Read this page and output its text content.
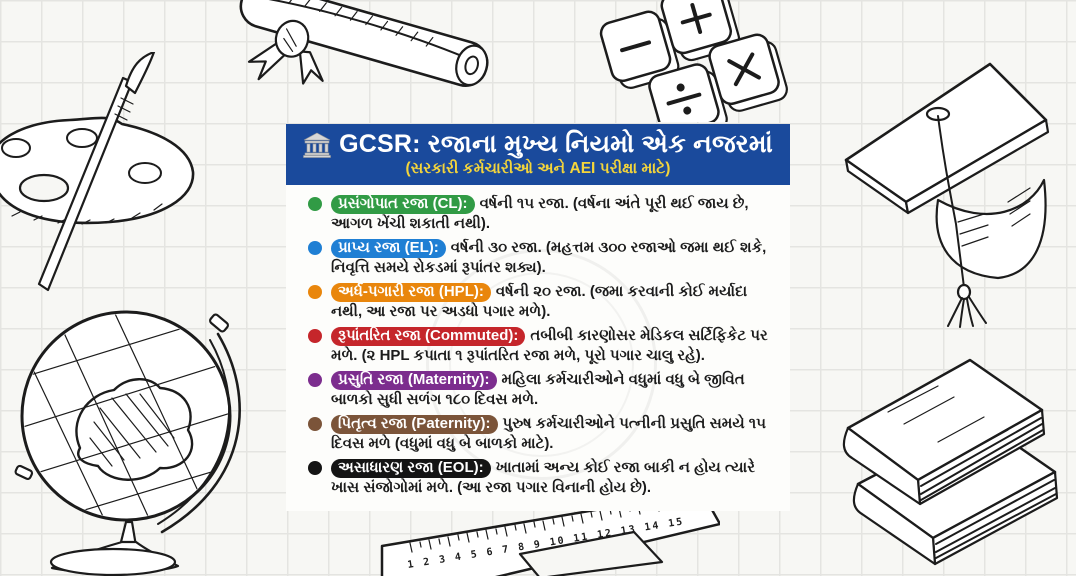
1 2 3 4 5 6 7 8 9 10 11 12 13 14 15
GCSR: રજાના મુખ્ય નિયમો એક નજરમાં
(સરકારી કર્મચારીઓ અને AEI પરીક્ષા માટે)
પ્રસંગોપાત રજા (CL): વર્ષની ૧૫ રજા. (વર્ષના અંતે પૂરી થઈ જાય છે, આગળ ખેંચી શકાતી નથી).
પ્રાપ્ય રજા (EL): વર્ષની ૩૦ રજા. (મહત્તમ ૩૦૦ રજાઓ જમા થઈ શકે, નિવૃત્તિ સમયે રોકડમાં રૂપાંતર શક્ય).
અર્ધ-પગારી રજા (HPL): વર્ષની ૨૦ રજા. (જમા કરવાની કોઈ મર્યાદા નથી, આ રજા પર અડધો પગાર મળે).
રૂપાંતરિત રજા (Commuted): તબીબી કારણોસર મેડિકલ સર્ટિફિકેટ પર મળે. (૨ HPL કપાતા ૧ રૂપાંતરિત રજા મળે, પૂરો પગાર ચાલુ રહે).
પ્રસુતિ રજા (Maternity): મહિલા કર્મચારીઓને વધુમાં વધુ બે જીવિત બાળકો સુધી સળંગ ૧૮૦ દિવસ મળે.
પિતૃત્વ રજા (Paternity): પુરુષ કર્મચારીઓને પત્નીની પ્રસુતિ સમયે ૧૫ દિવસ મળે (વધુમાં વધુ બે બાળકો માટે).
અસાધારણ રજા (EOL): ખાતામાં અન્ય કોઈ રજા બાકી ન હોય ત્યારે ખાસ સંજોગોમાં મળે. (આ રજા પગાર વિનાની હોય છે).
